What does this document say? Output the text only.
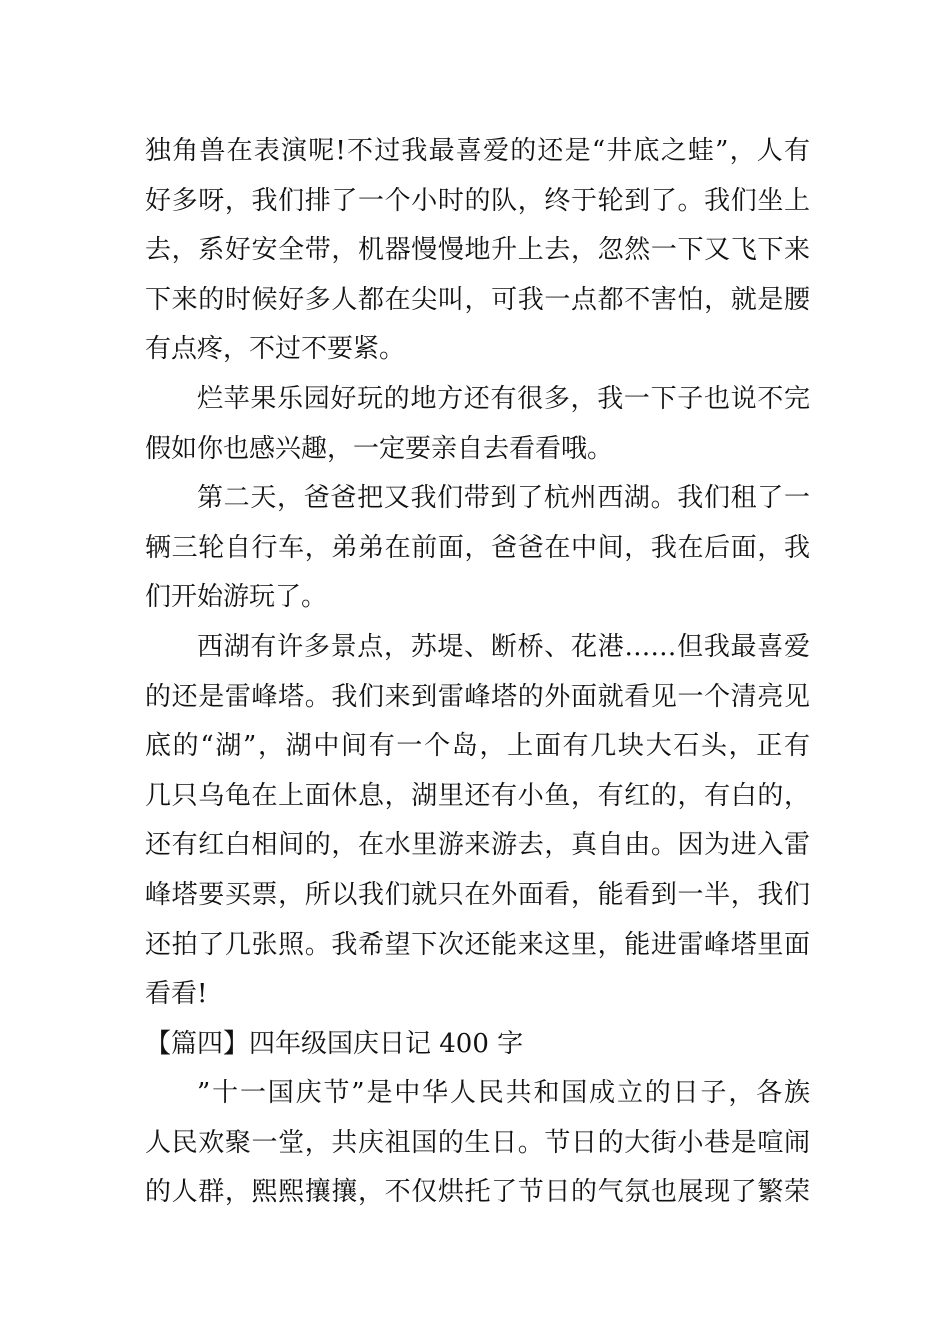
独角兽在表演呢!不过我最喜爱的还是“井底之蛙”，人有
好多呀，我们排了一个小时的队，终于轮到了。我们坐上
去，系好安全带，机器慢慢地升上去，忽然一下又飞下来
下来的时候好多人都在尖叫，可我一点都不害怕，就是腰
有点疼，不过不要紧。
烂苹果乐园好玩的地方还有很多，我一下子也说不完
假如你也感兴趣，一定要亲自去看看哦。
第二天，爸爸把又我们带到了杭州西湖。我们租了一
辆三轮自行车，弟弟在前面，爸爸在中间，我在后面，我
们开始游玩了。
西湖有许多景点，苏堤、断桥、花港……但我最喜爱
的还是雷峰塔。我们来到雷峰塔的外面就看见一个清亮见
底的“湖”，湖中间有一个岛，上面有几块大石头，正有
几只乌龟在上面休息，湖里还有小鱼，有红的，有白的，
还有红白相间的，在水里游来游去，真自由。因为进入雷
峰塔要买票，所以我们就只在外面看，能看到一半，我们
还拍了几张照。我希望下次还能来这里，能进雷峰塔里面
看看!
【篇四】四年级国庆日记 400 字
”十一国庆节”是中华人民共和国成立的日子，各族
人民欢聚一堂，共庆祖国的生日。节日的大街小巷是喧闹
的人群，熙熙攘攘，不仅烘托了节日的气氛也展现了繁荣
